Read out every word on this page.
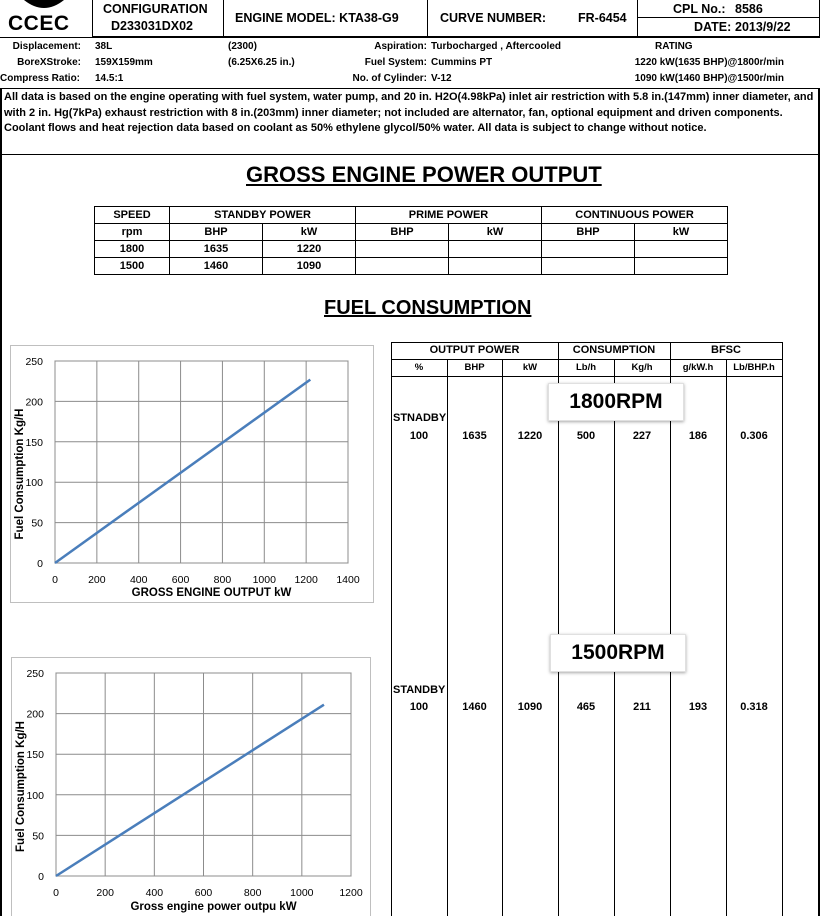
CCEC
CONFIGURATION
D233031DX02
ENGINE MODEL: KTA38-G9	CURVE NUMBER:	FR-6454
CPL No.: 8586
DATE: 2013/9/22
Displacement: 38L	(2300)	Aspiration: Turbocharged , Aftercooled	RATING
BoreXStroke: 159X159mm	(6.25X6.25 in.)	Fuel System: Cummins PT	1220 kW(1635 BHP)@1800r/min
Compress Ratio: 14.5:1	No. of Cylinder: V-12	1090 kW(1460 BHP)@1500r/min
All data is based on the engine operating with fuel system, water pump, and 20 in. H2O(4.98kPa) inlet air restriction with 5.8 in.(147mm) inner diameter, and with 2 in. Hg(7kPa) exhaust restriction with 8 in.(203mm) inner diameter; not included are alternator, fan, optional equipment and driven components. Coolant flows and heat rejection data based on coolant as 50% ethylene glycol/50% water. All data is subject to change without notice.
GROSS ENGINE POWER OUTPUT
SPEED	STANDBY POWER		PRIME POWER		CONTINUOUS POWER	
rpm	BHP	kW	BHP	kW	BHP	kW
1800	1635	1220				
1500	1460	1090				
FUEL CONSUMPTION
0	200 400 600 800 1000 1200 1400
0
50
100
150
200
250
GROSS ENGINE OUTPUT kW
Fuel Consumption Kg/H
0	200	400	600	800	1000 1200
0
50
100
150
200
250
Gross engine power outpu kW
Fuel Consumption Kg/H
OUTPUT POWER	CONSUMPTION	BFSC
%	BHP	kW	Lb/h	Kg/h	g/kW.h	Lb/BHP.h
STNADBY
100	1635	1220	500	227	186	0.306
STANDBY
100	1460	1090	465	211	193	0.318
1800RPM
1500RPM
